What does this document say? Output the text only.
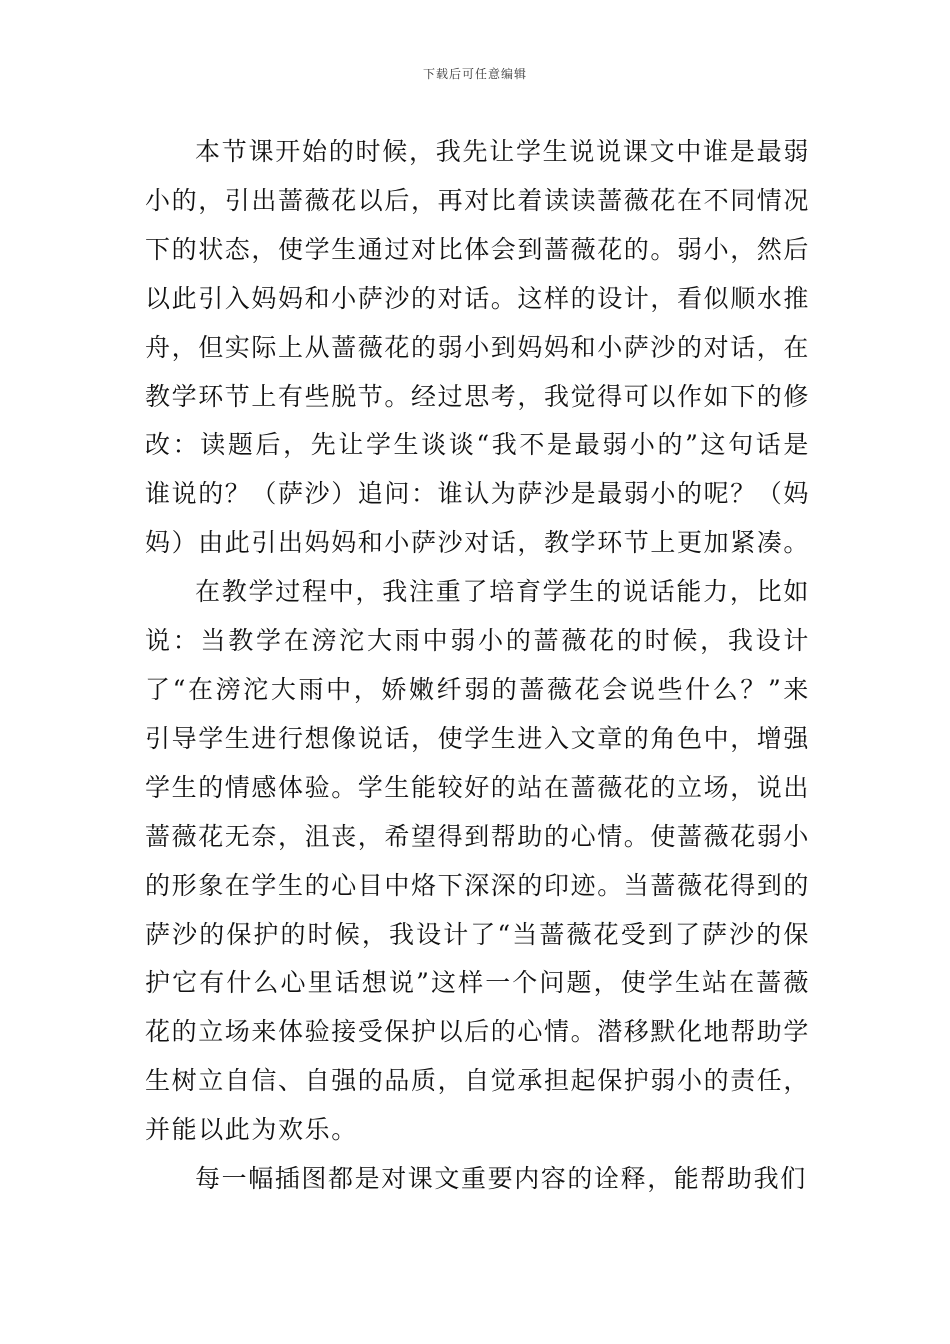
下载后可任意编辑

本节课开始的时候，我先让学生说说课文中谁是最弱小的，引出蔷薇花以后，再对比着读读蔷薇花在不同情况下的状态，使学生通过对比体会到蔷薇花的。弱小，然后以此引入妈妈和小萨沙的对话。这样的设计，看似顺水推舟，但实际上从蔷薇花的弱小到妈妈和小萨沙的对话，在教学环节上有些脱节。经过思考，我觉得可以作如下的修改：读题后，先让学生谈谈“我不是最弱小的”这句话是谁说的？（萨沙）追问：谁认为萨沙是最弱小的呢？（妈妈）由此引出妈妈和小萨沙对话，教学环节上更加紧凑。

在教学过程中，我注重了培育学生的说话能力，比如说：当教学在滂沱大雨中弱小的蔷薇花的时候，我设计了“在滂沱大雨中，娇嫩纤弱的蔷薇花会说些什么？”来引导学生进行想像说话，使学生进入文章的角色中，增强学生的情感体验。学生能较好的站在蔷薇花的立场，说出蔷薇花无奈，沮丧，希望得到帮助的心情。使蔷薇花弱小的形象在学生的心目中烙下深深的印迹。当蔷薇花得到的萨沙的保护的时候，我设计了“当蔷薇花受到了萨沙的保护它有什么心里话想说”这样一个问题，使学生站在蔷薇花的立场来体验接受保护以后的心情。潜移默化地帮助学生树立自信、自强的品质，自觉承担起保护弱小的责任，并能以此为欢乐。

每一幅插图都是对课文重要内容的诠释，能帮助我们
